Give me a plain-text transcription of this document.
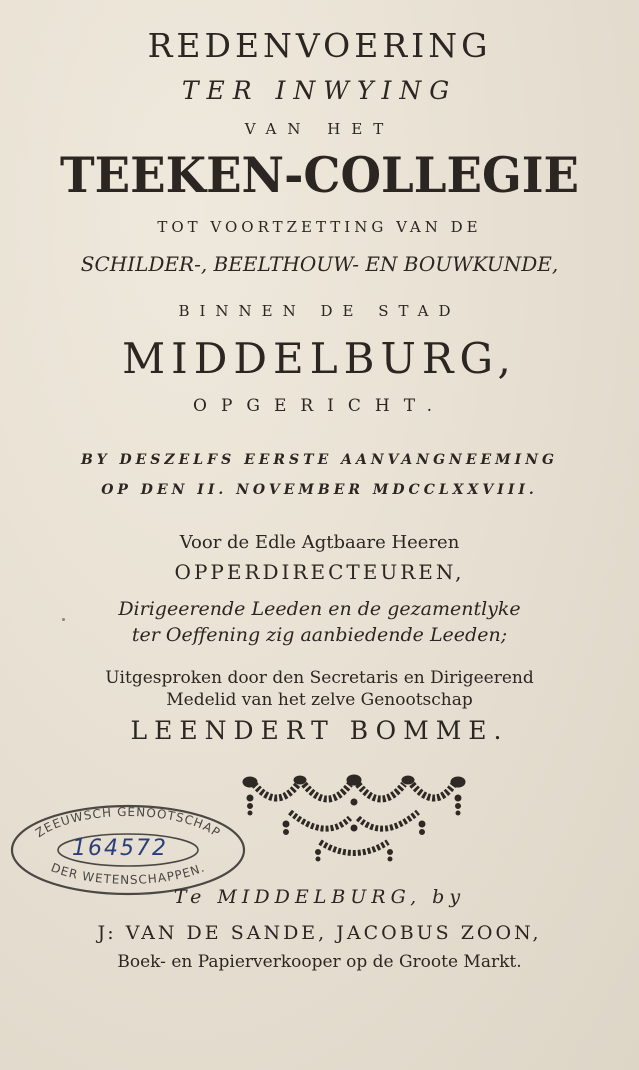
REDENVOERING
TER INWYING
VAN HET
TEEKEN-COLLEGIE
TOT VOORTZETTING VAN DE
SCHILDER-, BEELTHOUW- EN BOUWKUNDE,
BINNEN DE STAD
MIDDELBURG,
OPGERICHT.
BY DESZELFS EERSTE AANVANGNEEMING
OP DEN II. NOVEMBER MDCCLXXVIII.
Voor de Edle Agtbaare Heeren
OPPERDIRECTEUREN,
Dirigeerende Leeden en de gezamentlyke
ter Oeffening zig aanbiedende Leeden;
Uitgesproken door den Secretaris en Dirigeerend
Medelid van het zelve Genootschap
LEENDERT BOMME.
ZEEUWSCH GENOOTSCHAP
DER WETENSCHAPPEN.
164572
Te MIDDELBURG, by
J: VAN DE SANDE, JACOBUS ZOON,
Boek- en Papierverkooper op de Groote Markt.
